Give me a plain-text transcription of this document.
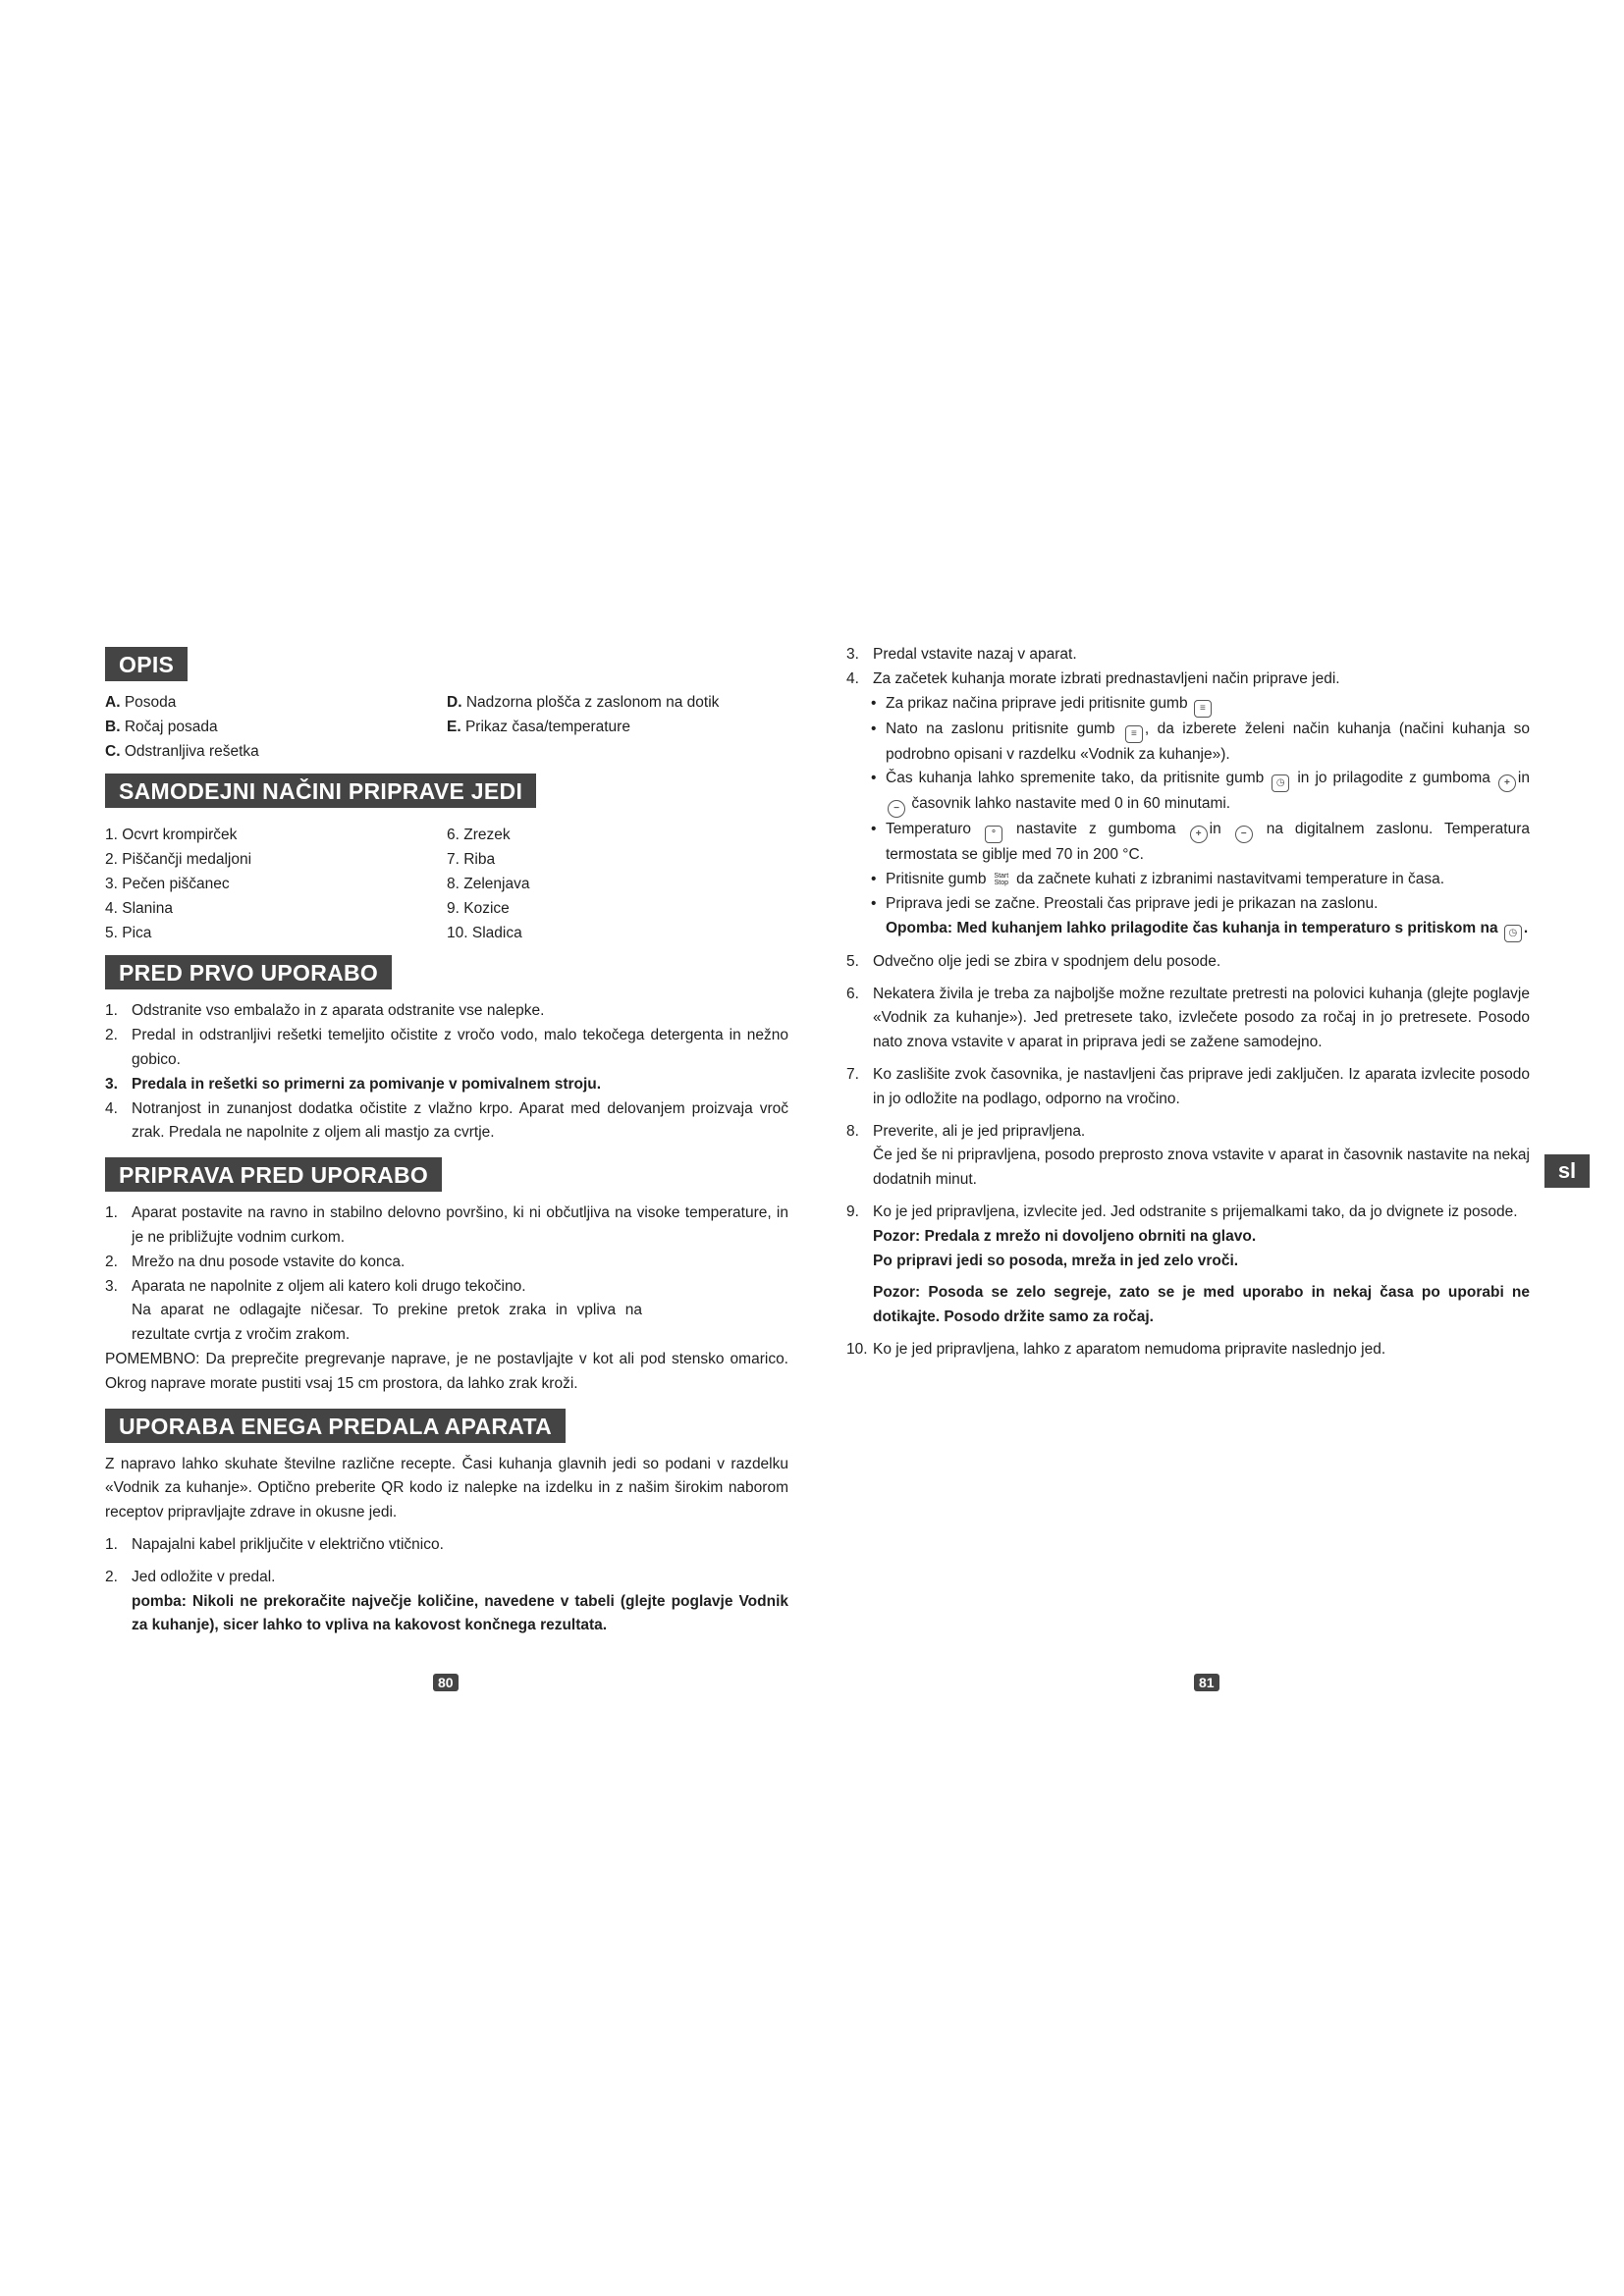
OPIS
A. Posoda
B. Ročaj posada
C. Odstranljiva rešetka
D. Nadzorna plošča z zaslonom na dotik
E. Prikaz časa/temperature
SAMODEJNI NAČINI PRIPRAVE JEDI
1. Ocvrt krompirček
2. Piščančji medaljoni
3. Pečen piščanec
4. Slanina
5. Pica
6. Zrezek
7. Riba
8. Zelenjava
9. Kozice
10. Sladica
PRED PRVO UPORABO
1. Odstranite vso embalažo in z aparata odstranite vse nalepke.
2. Predal in odstranljivi rešetki temeljito očistite z vročo vodo, malo tekočega detergenta in nežno gobico.
3. Predala in rešetki so primerni za pomivanje v pomivalnem stroju.
4. Notranjost in zunanjost dodatka očistite z vlažno krpo. Aparat med delovanjem proizvaja vroč zrak. Predala ne napolnite z oljem ali mastjo za cvrtje.
PRIPRAVA PRED UPORABO
1. Aparat postavite na ravno in stabilno delovno površino, ki ni občutljiva na visoke temperature, in je ne približujte vodnim curkom.
2. Mrežo na dnu posode vstavite do konca.
3. Aparata ne napolnite z oljem ali katero koli drugo tekočino.
Na aparat ne odlagajte ničesar. To prekine pretok zraka in vpliva na rezultate cvrtja z vročim zrakom.
POMEMBNO: Da preprečite pregrevanje naprave, je ne postavljajte v kot ali pod stensko omarico. Okrog naprave morate pustiti vsaj 15 cm prostora, da lahko zrak kroži.
UPORABA ENEGA PREDALA APARATA
Z napravo lahko skuhate številne različne recepte. Časi kuhanja glavnih jedi so podani v razdelku «Vodnik za kuhanje». Optično preberite QR kodo iz nalepke na izdelku in z našim širokim naborom receptov pripravljajte zdrave in okusne jedi.
1. Napajalni kabel priključite v električno vtičnico.
2. Jed odložite v predal.
pomba: Nikoli ne prekoračite največje količine, navedene v tabeli (glejte poglavje Vodnik za kuhanje), sicer lahko to vpliva na kakovost končnega rezultata.
80
3. Predal vstavite nazaj v aparat.
4. Za začetek kuhanja morate izbrati prednastavljeni način priprave jedi.
• Za prikaz načina priprave jedi pritisnite gumb ≡
• Nato na zaslonu pritisnite gumb ≡ , da izberete želeni način kuhanja (načini kuhanja so podrobno opisani v razdelku «Vodnik za kuhanje»).
• Čas kuhanja lahko spremenite tako, da pritisnite gumb ◷ in jo prilagodite z gumboma + in − časovnik lahko nastavite med 0 in 60 minutami.
• Temperaturo ° nastavite z gumboma + in − na digitalnem zaslonu. Temperatura termostata se giblje med 70 in 200 °C.
• Pritisnite gumb Start Stop da začnete kuhati z izbranimi nastavitvami temperature in časa.
• Priprava jedi se začne. Preostali čas priprave jedi je prikazan na zaslonu.
Opomba: Med kuhanjem lahko prilagodite čas kuhanja in temperaturo s pritiskom na ◷ .
5. Odvečno olje jedi se zbira v spodnjem delu posode.
6. Nekatera živila je treba za najboljše možne rezultate pretresti na polovici kuhanja (glejte poglavje «Vodnik za kuhanje»). Jed pretresete tako, izvlečete posodo za ročaj in jo pretresete. Posodo nato znova vstavite v aparat in priprava jedi se zažene samodejno.
7. Ko zaslišite zvok časovnika, je nastavljeni čas priprave jedi zaključen. Iz aparata izvlecite posodo in jo odložite na podlago, odporno na vročino.
8. Preverite, ali je jed pripravljena.
Če jed še ni pripravljena, posodo preprosto znova vstavite v aparat in časovnik nastavite na nekaj dodatnih minut.
9. Ko je jed pripravljena, izvlecite jed. Jed odstranite s prijemalkami tako, da jo dvignete iz posode.
Pozor: Predala z mrežo ni dovoljeno obrniti na glavo.
Po pripravi jedi so posoda, mreža in jed zelo vroči.
Pozor: Posoda se zelo segreje, zato se je med uporabo in nekaj časa po uporabi ne dotikajte. Posodo držite samo za ročaj.
10. Ko je jed pripravljena, lahko z aparatom nemudoma pripravite naslednjo jed.
81
sl
